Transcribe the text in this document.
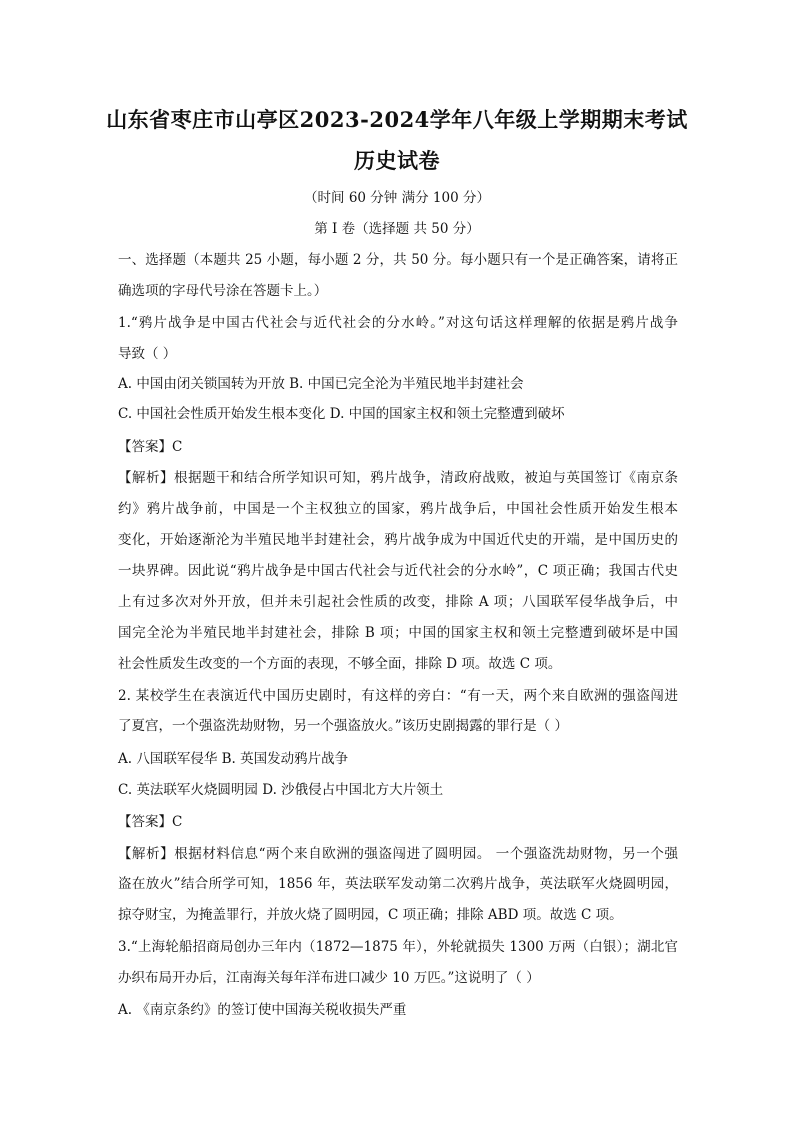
山东省枣庄市山亭区2023-2024学年八年级上学期期末考试
历史试卷
（时间 60 分钟 满分 100 分）
第 I 卷（选择题 共 50 分）
一、选择题（本题共 25 小题，每小题 2 分，共 50 分。每小题只有一个是正确答案，请将正
确选项的字母代号涂在答题卡上。）
1.“鸦片战争是中国古代社会与近代社会的分水岭。”对这句话这样理解的依据是鸦片战争
导致（ ）
A. 中国由闭关锁国转为开放 B. 中国已完全沦为半殖民地半封建社会
C. 中国社会性质开始发生根本变化 D. 中国的国家主权和领土完整遭到破坏
【答案】C
【解析】根据题干和结合所学知识可知，鸦片战争，清政府战败，被迫与英国签订《南京条
约》鸦片战争前，中国是一个主权独立的国家，鸦片战争后，中国社会性质开始发生根本
变化，开始逐渐沦为半殖民地半封建社会，鸦片战争成为中国近代史的开端，是中国历史的
一块界碑。因此说“鸦片战争是中国古代社会与近代社会的分水岭”，C 项正确；我国古代史
上有过多次对外开放，但并未引起社会性质的改变，排除 A 项；八国联军侵华战争后，中
国完全沦为半殖民地半封建社会，排除 B 项；中国的国家主权和领土完整遭到破坏是中国
社会性质发生改变的一个方面的表现，不够全面，排除 D 项。故选 C 项。
2. 某校学生在表演近代中国历史剧时，有这样的旁白：“有一天，两个来自欧洲的强盗闯进
了夏宫，一个强盗洗劫财物，另一个强盗放火。”该历史剧揭露的罪行是（ ）
A. 八国联军侵华 B. 英国发动鸦片战争
C. 英法联军火烧圆明园 D. 沙俄侵占中国北方大片领土
【答案】C
【解析】根据材料信息“两个来自欧洲的强盗闯进了圆明园。 一个强盗洗劫财物，另一个强
盗在放火”结合所学可知，1856 年，英法联军发动第二次鸦片战争，英法联军火烧圆明园，
掠夺财宝，为掩盖罪行，并放火烧了圆明园，C 项正确；排除 ABD 项。故选 C 项。
3.“上海轮船招商局创办三年内（1872—1875 年），外轮就损失 1300 万两（白银）；湖北官
办织布局开办后，江南海关每年洋布进口减少 10 万匹。”这说明了（ ）
A. 《南京条约》的签订使中国海关税收损失严重
